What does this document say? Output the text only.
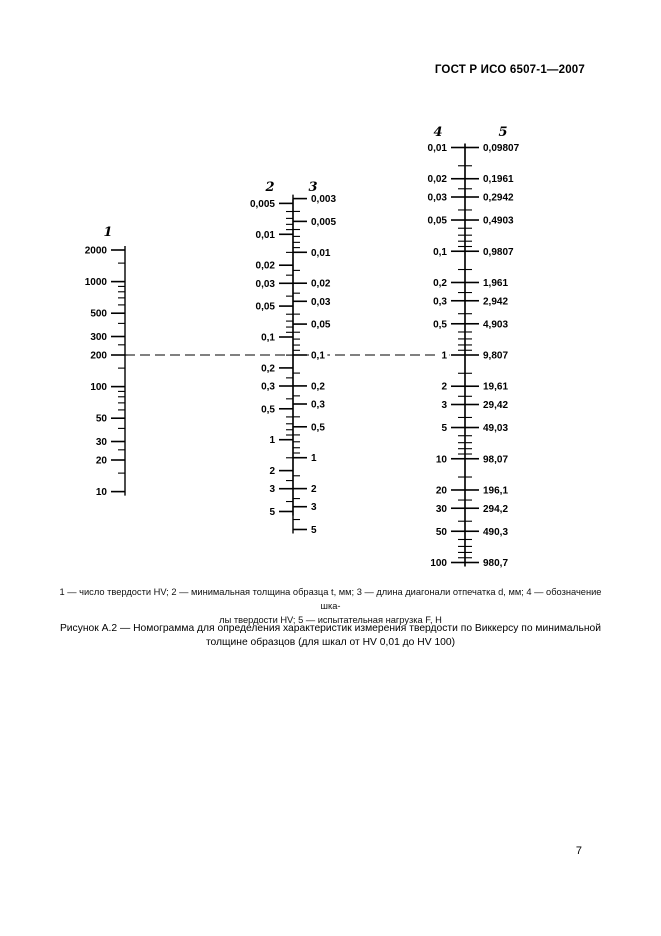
ГОСТ Р ИСО 6507-1—2007
2000
1000
500
300
200
100
50
30
20
10
1
0,005
0,01
0,02
0,03
0,05
0,1
0,2
0,3
0,5
1
2
3
5
2
0,003
0,005
0,01
0,02
0,03
0,05
0,1
0,2
0,3
0,5
1
2
3
5
3
0,01
0,02
0,03
0,05
0,1
0,2
0,3
0,5
1
2
3
5
10
20
30
50
100
4
0,09807
0,1961
0,2942
0,4903
0,9807
1,961
2,942
4,903
9,807
19,61
29,42
49,03
98,07
196,1
294,2
490,3
980,7
5
1 — число твердости HV; 2 — минимальная толщина образца t, мм; 3 — длина диагонали отпечатка d, мм; 4 — обозначение шка-
лы твердости HV; 5 — испытательная нагрузка F, Н
Рисунок А.2 — Номограмма для определения характеристик измерения твердости по Виккерсу по минимальной
толщине образцов (для шкал от HV 0,01 до HV 100)
7
